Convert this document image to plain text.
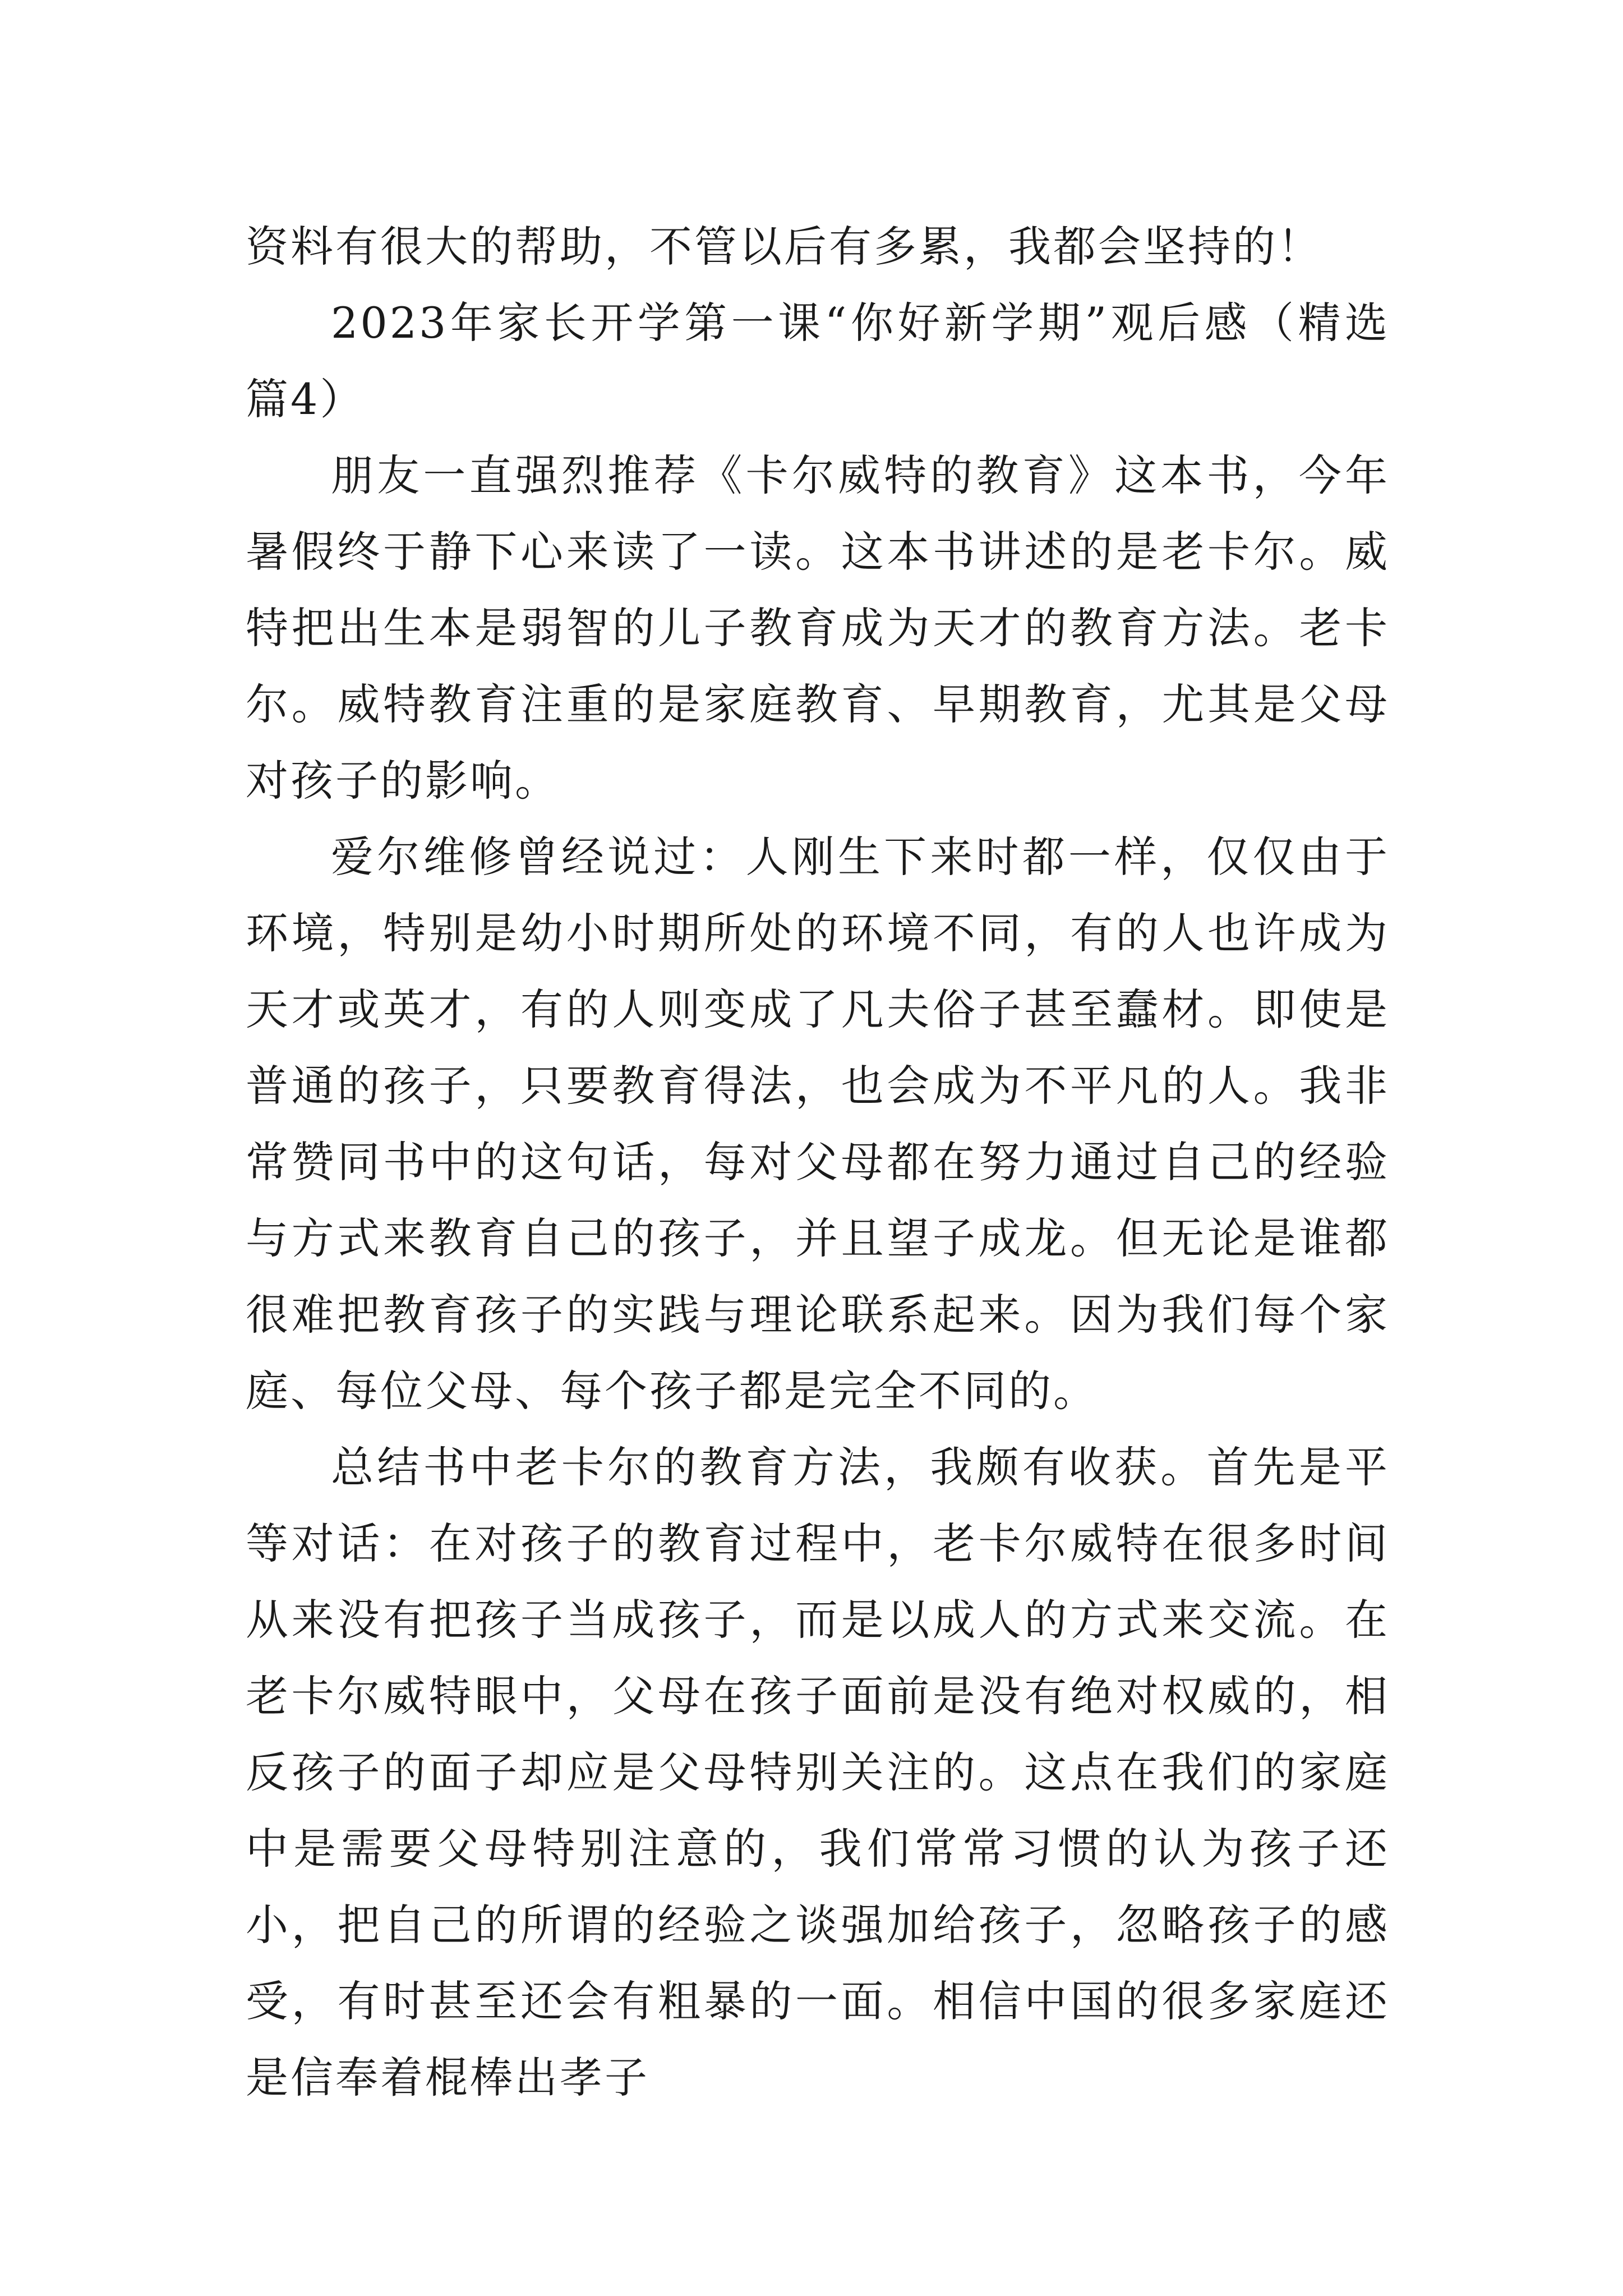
资料有很大的帮助，不管以后有多累，我都会坚持的！

2023年家长开学第一课“你好新学期”观后感（精选篇4）

朋友一直强烈推荐《卡尔威特的教育》这本书，今年暑假终于静下心来读了一读。这本书讲述的是老卡尔。威特把出生本是弱智的儿子教育成为天才的教育方法。老卡尔。威特教育注重的是家庭教育、早期教育，尤其是父母对孩子的影响。

爱尔维修曾经说过：人刚生下来时都一样，仅仅由于环境，特别是幼小时期所处的环境不同，有的人也许成为天才或英才，有的人则变成了凡夫俗子甚至蠢材。即使是普通的孩子，只要教育得法，也会成为不平凡的人。我非常赞同书中的这句话，每对父母都在努力通过自己的经验与方式来教育自己的孩子，并且望子成龙。但无论是谁都很难把教育孩子的实践与理论联系起来。因为我们每个家庭、每位父母、每个孩子都是完全不同的。

总结书中老卡尔的教育方法，我颇有收获。首先是平等对话：在对孩子的教育过程中，老卡尔威特在很多时间从来没有把孩子当成孩子，而是以成人的方式来交流。在老卡尔威特眼中，父母在孩子面前是没有绝对权威的，相反孩子的面子却应是父母特别关注的。这点在我们的家庭中是需要父母特别注意的，我们常常习惯的认为孩子还小，把自己的所谓的经验之谈强加给孩子，忽略孩子的感受，有时甚至还会有粗暴的一面。相信中国的很多家庭还是信奉着棍棒出孝子
